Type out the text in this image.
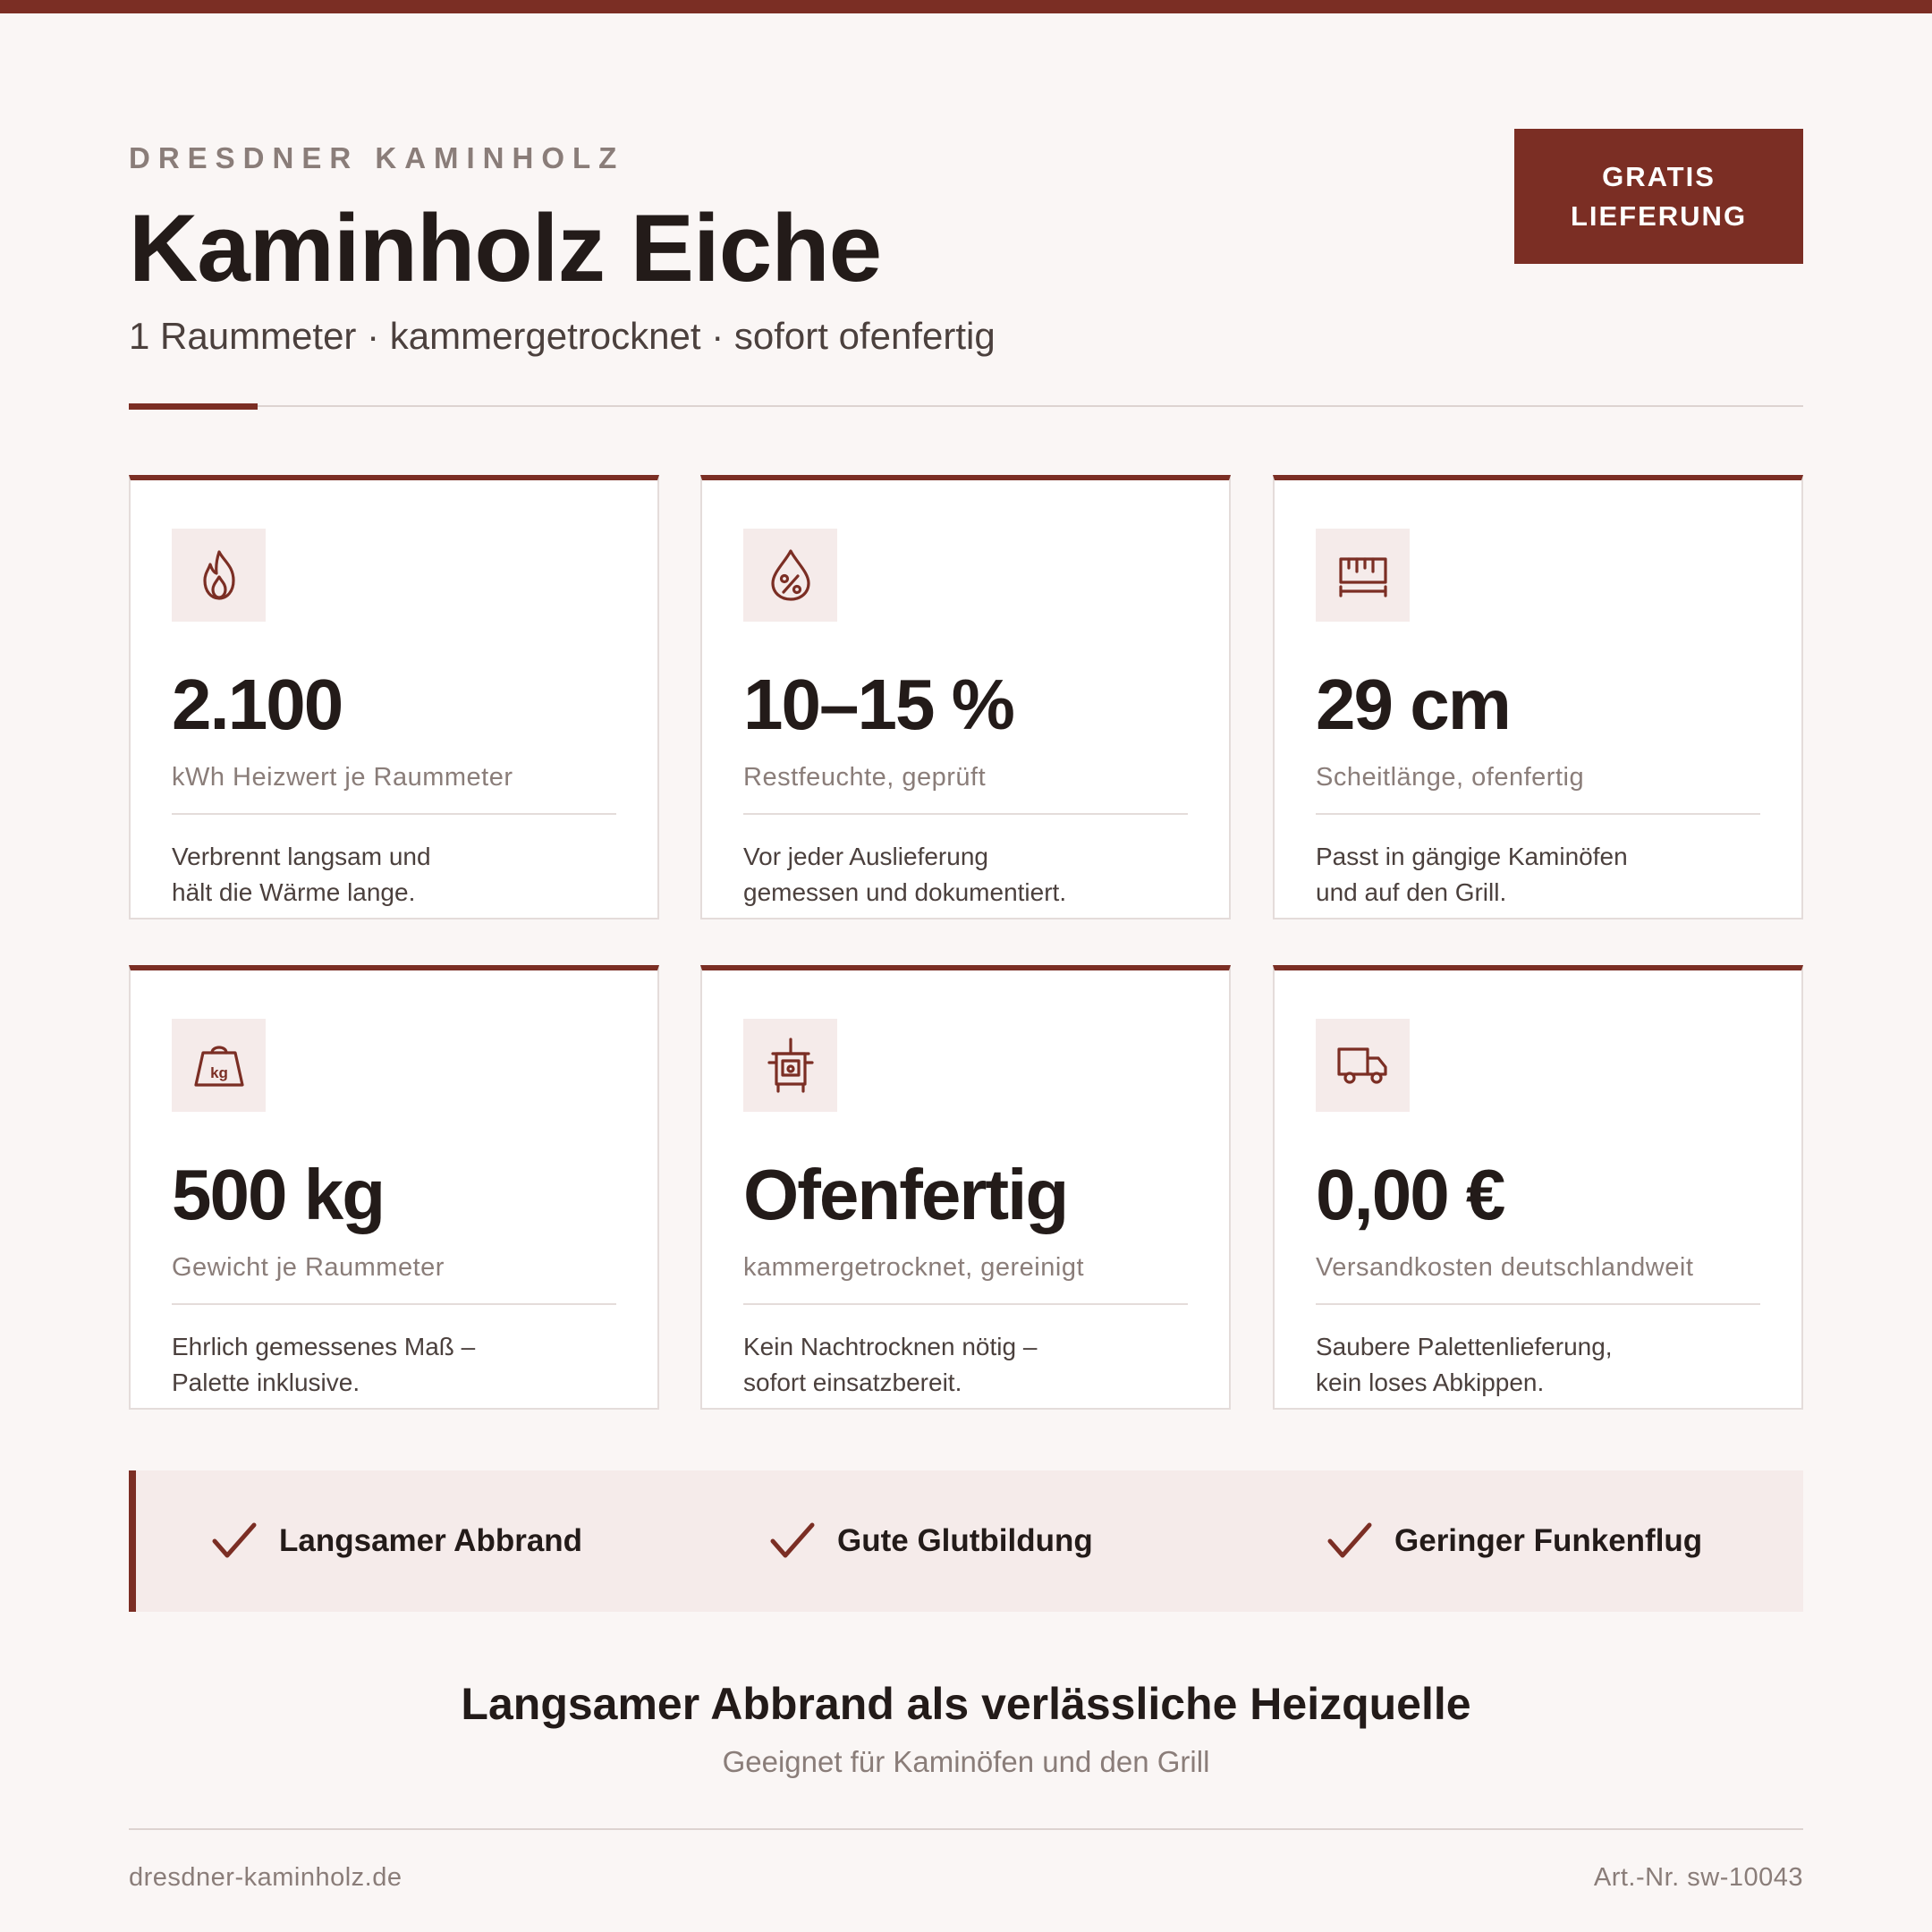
DRESDNER KAMINHOLZ
Kaminholz Eiche
1 Raummeter · kammergetrocknet · sofort ofenfertig
GRATIS
LIEFERUNG
2.100
kWh Heizwert je Raummeter
Verbrennt langsam und
hält die Wärme lange.
10–15 %
Restfeuchte, geprüft
Vor jeder Auslieferung
gemessen und dokumentiert.
29 cm
Scheitlänge, ofenfertig
Passt in gängige Kaminöfen
und auf den Grill.
kg
500 kg
Gewicht je Raummeter
Ehrlich gemessenes Maß –
Palette inklusive.
Ofenfertig
kammergetrocknet, gereinigt
Kein Nachtrocknen nötig –
sofort einsatzbereit.
0,00 €
Versandkosten deutschlandweit
Saubere Palettenlieferung,
kein loses Abkippen.
Langsamer Abbrand	Gute Glutbildung	Geringer Funkenflug
Langsamer Abbrand als verlässliche Heizquelle
Geeignet für Kaminöfen und den Grill
dresdner-kaminholz.de	Art.-Nr. sw-10043
